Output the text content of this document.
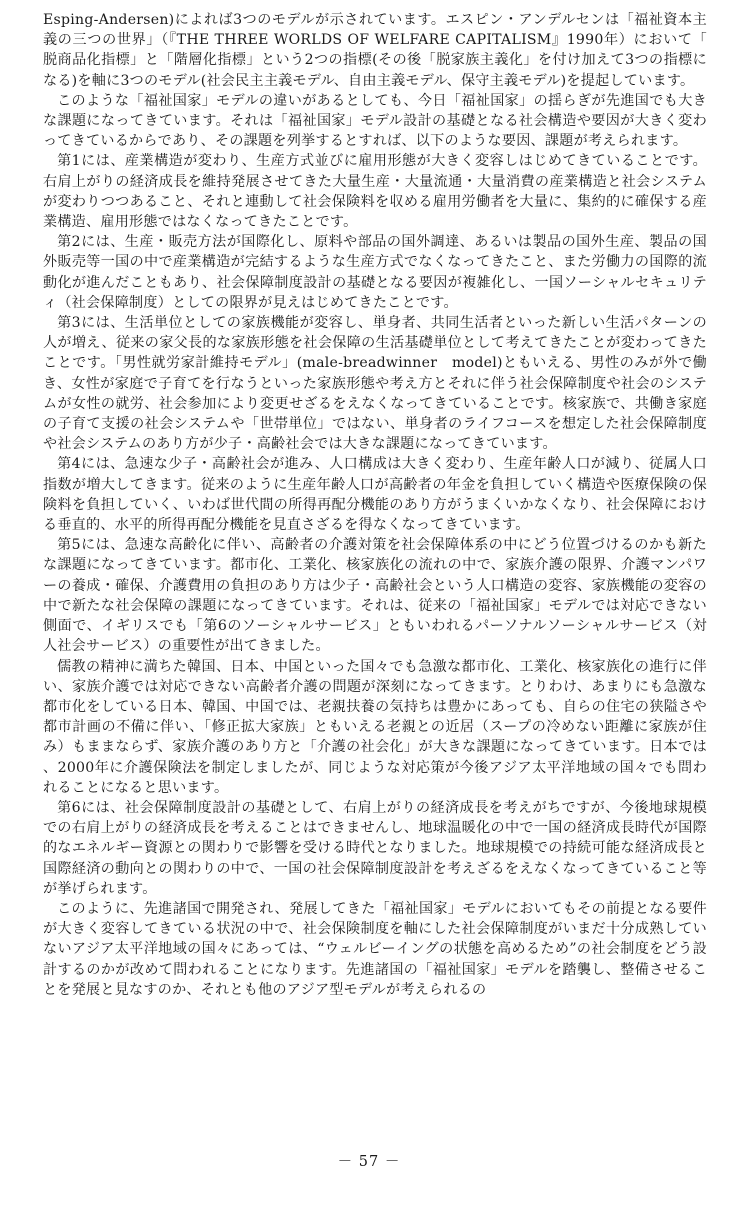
Esping-Andersen)によれば3つのモデルが示されています。エスピン・アンデルセンは「福祉資本主義の三つの世界」（『THE THREE WORLDS OF WELFARE CAPITALISM』1990年）において「脱商品化指標」と「階層化指標」という2つの指標(その後「脱家族主義化」を付け加えて3つの指標になる)を軸に3つのモデル(社会民主主義モデル、自由主義モデル、保守主義モデル)を提起しています。

このような「福祉国家」モデルの違いがあるとしても、今日「福祉国家」の揺らぎが先進国でも大きな課題になってきています。それは「福祉国家」モデル設計の基礎となる社会構造や要因が大きく変わってきているからであり、その課題を列挙するとすれば、以下のような要因、課題が考えられます。

第1には、産業構造が変わり、生産方式並びに雇用形態が大きく変容しはじめてきていることです。右肩上がりの経済成長を維持発展させてきた大量生産・大量流通・大量消費の産業構造と社会システムが変わりつつあること、それと連動して社会保険料を収める雇用労働者を大量に、集約的に確保する産業構造、雇用形態ではなくなってきたことです。

第2には、生産・販売方法が国際化し、原料や部品の国外調達、あるいは製品の国外生産、製品の国外販売等一国の中で産業構造が完結するような生産方式でなくなってきたこと、また労働力の国際的流動化が進んだこともあり、社会保障制度設計の基礎となる要因が複雑化し、一国ソーシャルセキュリティ（社会保障制度）としての限界が見えはじめてきたことです。

第3には、生活単位としての家族機能が変容し、単身者、共同生活者といった新しい生活パターンの人が増え、従来の家父長的な家族形態を社会保障の生活基礎単位として考えてきたことが変わってきたことです。「男性就労家計維持モデル」(male-breadwinner　model)ともいえる、男性のみが外で働き、女性が家庭で子育てを行なうといった家族形態や考え方とそれに伴う社会保障制度や社会のシステムが女性の就労、社会参加により変更せざるをえなくなってきていることです。核家族で、共働き家庭の子育て支援の社会システムや「世帯単位」ではない、単身者のライフコースを想定した社会保障制度や社会システムのあり方が少子・高齢社会では大きな課題になってきています。

第4には、急速な少子・高齢社会が進み、人口構成は大きく変わり、生産年齢人口が減り、従属人口指数が増大してきます。従来のように生産年齢人口が高齢者の年金を負担していく構造や医療保険の保険料を負担していく、いわば世代間の所得再配分機能のあり方がうまくいかなくなり、社会保障における垂直的、水平的所得再配分機能を見直さざるを得なくなってきています。

第5には、急速な高齢化に伴い、高齢者の介護対策を社会保障体系の中にどう位置づけるのかも新たな課題になってきています。都市化、工業化、核家族化の流れの中で、家族介護の限界、介護マンパワーの養成・確保、介護費用の負担のあり方は少子・高齢社会という人口構造の変容、家族機能の変容の中で新たな社会保障の課題になってきています。それは、従来の「福祉国家」モデルでは対応できない側面で、イギリスでも「第6のソーシャルサービス」ともいわれるパーソナルソーシャルサービス（対人社会サービス）の重要性が出てきました。

儒教の精神に満ちた韓国、日本、中国といった国々でも急激な都市化、工業化、核家族化の進行に伴い、家族介護では対応できない高齢者介護の問題が深刻になってきます。とりわけ、あまりにも急激な都市化をしている日本、韓国、中国では、老親扶養の気持ちは豊かにあっても、自らの住宅の狭隘さや都市計画の不備に伴い、「修正拡大家族」ともいえる老親との近居（スープの冷めない距離に家族が住み）もままならず、家族介護のあり方と「介護の社会化」が大きな課題になってきています。日本では、2000年に介護保険法を制定しましたが、同じような対応策が今後アジア太平洋地域の国々でも問われることになると思います。

第6には、社会保障制度設計の基礎として、右肩上がりの経済成長を考えがちですが、今後地球規模での右肩上がりの経済成長を考えることはできませんし、地球温暖化の中で一国の経済成長時代が国際的なエネルギー資源との関わりで影響を受ける時代となりました。地球規模での持続可能な経済成長と国際経済の動向との関わりの中で、一国の社会保障制度設計を考えざるをえなくなってきていること等が挙げられます。

このように、先進諸国で開発され、発展してきた「福祉国家」モデルにおいてもその前提となる要件が大きく変容してきている状況の中で、社会保険制度を軸にした社会保障制度がいまだ十分成熟していないアジア太平洋地域の国々にあっては、“ウェルビーイングの状態を高めるため”の社会制度をどう設計するのかが改めて問われることになります。先進諸国の「福祉国家」モデルを踏襲し、整備させることを発展と見なすのか、それとも他のアジア型モデルが考えられるの

－ 57 －
